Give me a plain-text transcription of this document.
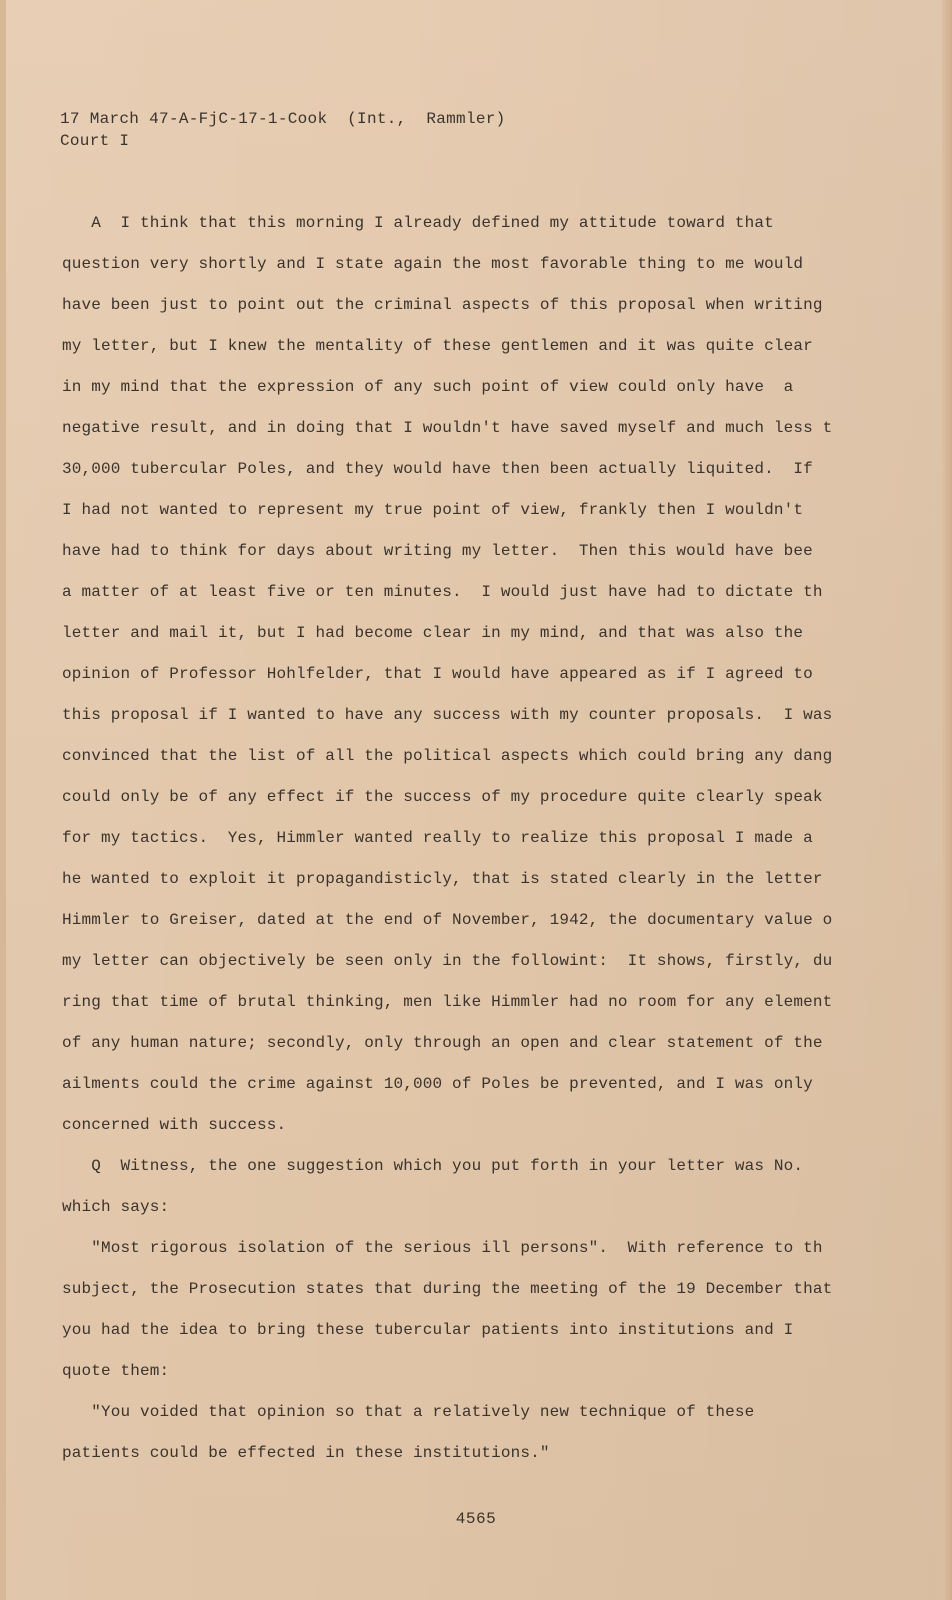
17 March 47-A-FjC-17-1-Cook  (Int.,  Rammler)
Court I
A  I think that this morning I already defined my attitude toward that
question very shortly and I state again the most favorable thing to me would
have been just to point out the criminal aspects of this proposal when writing
my letter, but I knew the mentality of these gentlemen and it was quite clear
in my mind that the expression of any such point of view could only have  a
negative result, and in doing that I wouldn't have saved myself and much less t
30,000 tubercular Poles, and they would have then been actually liquited.  If
I had not wanted to represent my true point of view, frankly then I wouldn't
have had to think for days about writing my letter.  Then this would have bee
a matter of at least five or ten minutes.  I would just have had to dictate th
letter and mail it, but I had become clear in my mind, and that was also the
opinion of Professor Hohlfelder, that I would have appeared as if I agreed to
this proposal if I wanted to have any success with my counter proposals.  I was
convinced that the list of all the political aspects which could bring any dang
could only be of any effect if the success of my procedure quite clearly speak
for my tactics.  Yes, Himmler wanted really to realize this proposal I made a
he wanted to exploit it propagandisticly, that is stated clearly in the letter
Himmler to Greiser, dated at the end of November, 1942, the documentary value o
my letter can objectively be seen only in the followint:  It shows, firstly, du
ring that time of brutal thinking, men like Himmler had no room for any element
of any human nature; secondly, only through an open and clear statement of the
ailments could the crime against 10,000 of Poles be prevented, and I was only
concerned with success.
Q  Witness, the one suggestion which you put forth in your letter was No.
which says:
"Most rigorous isolation of the serious ill persons".  With reference to th
subject, the Prosecution states that during the meeting of the 19 December that
you had the idea to bring these tubercular patients into institutions and I
quote them:
"You voided that opinion so that a relatively new technique of these
patients could be effected in these institutions."
4565
